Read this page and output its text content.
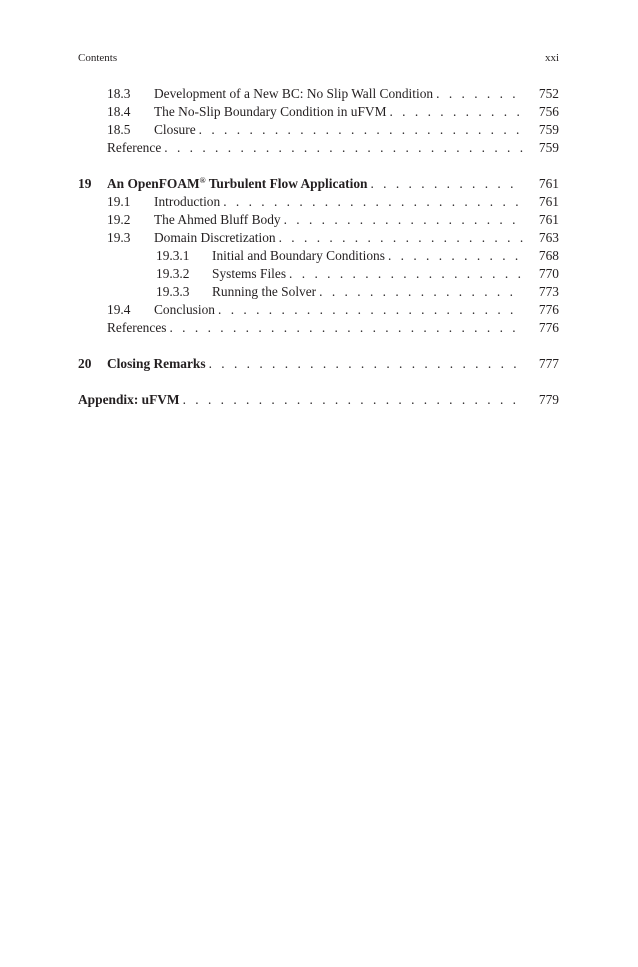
Contents	xxi
18.3 Development of a New BC: No Slip Wall Condition . . .	752
18.4 The No-Slip Boundary Condition in uFVM . . .	756
18.5 Closure . . .	759
Reference . . .	759
19 An OpenFOAM® Turbulent Flow Application . . .	761
19.1 Introduction . . .	761
19.2 The Ahmed Bluff Body . . .	761
19.3 Domain Discretization . . .	763
19.3.1 Initial and Boundary Conditions . . .	768
19.3.2 Systems Files . . .	770
19.3.3 Running the Solver . . .	773
19.4 Conclusion . . .	776
References . . .	776
20 Closing Remarks . . .	777
Appendix: uFVM . . .	779
